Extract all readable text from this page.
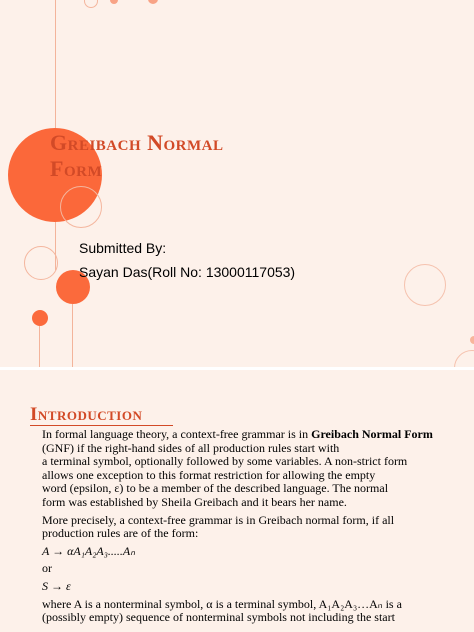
Greibach Normal
Form
Submitted By:
Sayan Das(Roll No: 13000117053)
Introduction

In formal language theory, a context-free grammar is in Greibach Normal Form (GNF) if the right-hand sides of all production rules start with

a terminal symbol, optionally followed by some variables. A non-strict form

allows one exception to this format restriction for allowing the empty

word (epsilon, ε) to be a member of the described language. The normal

form was established by Sheila Greibach and it bears her name.

More precisely, a context-free grammar is in Greibach normal form, if all

production rules are of the form:

A → αA₁A₂A₃.....Aₙ

or

S → ε

where A is a nonterminal symbol, α is a terminal symbol, A₁A₂A₃…Aₙ is a

(possibly empty) sequence of nonterminal symbols not including the start
